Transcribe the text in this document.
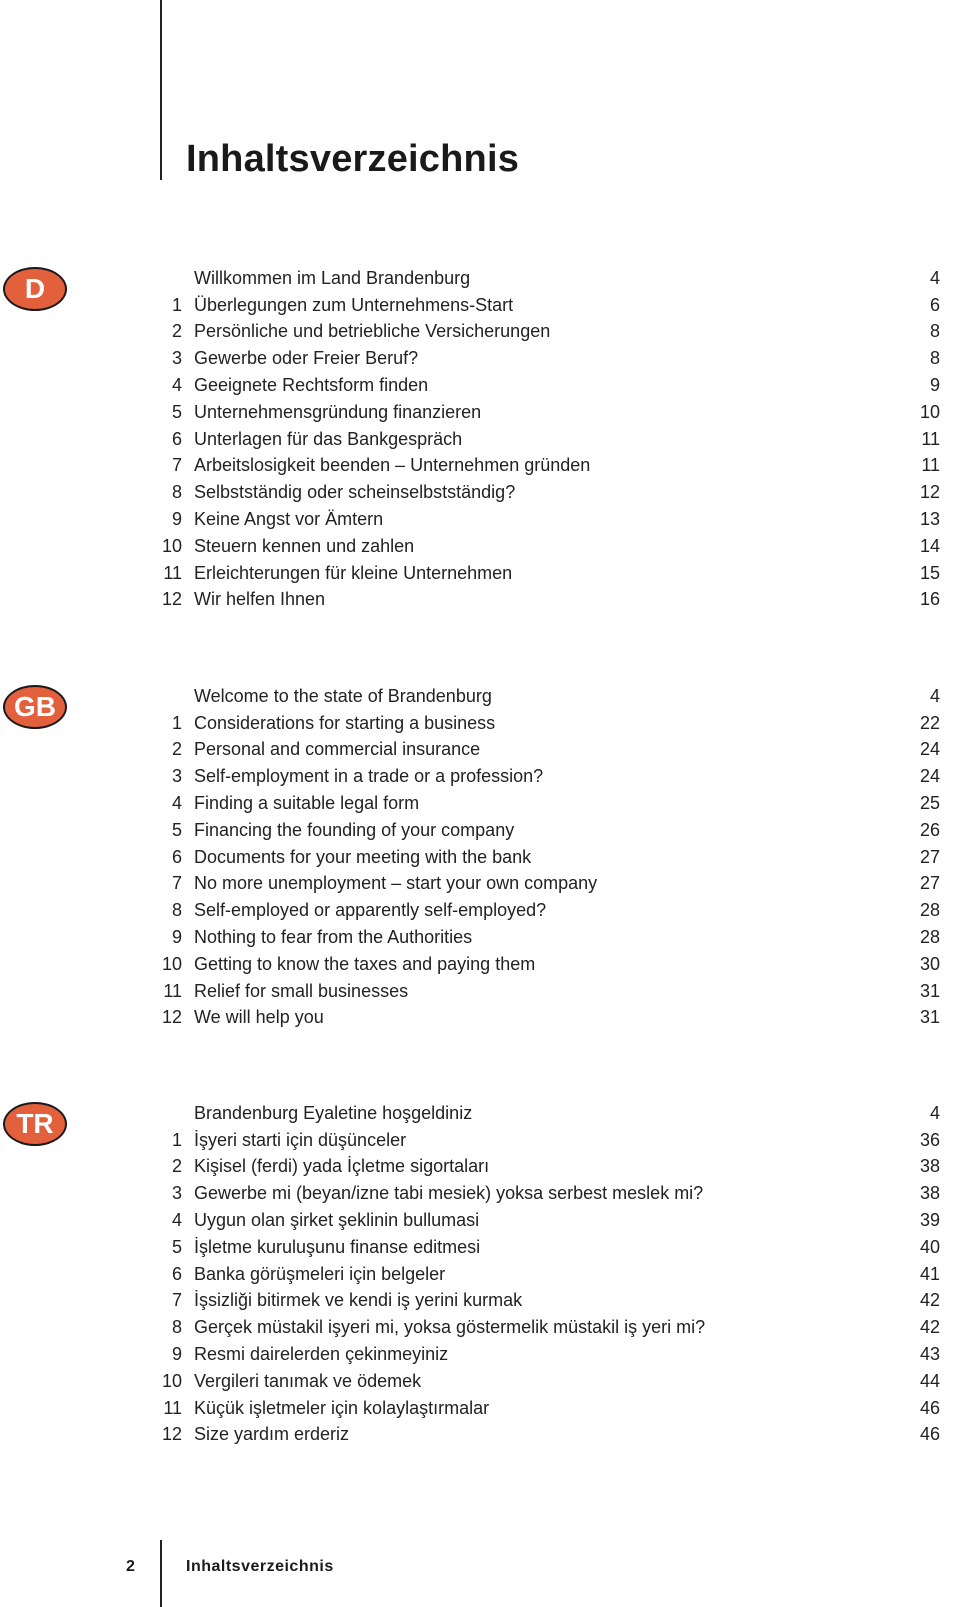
Inhaltsverzeichnis
D	Willkommen im Land Brandenburg	4
1 Überlegungen zum Unternehmens-Start	6
2 Persönliche und betriebliche Versicherungen	8
3 Gewerbe oder Freier Beruf?	8
4 Geeignete Rechtsform finden	9
5 Unternehmensgründung finanzieren	10
6 Unterlagen für das Bankgespräch	11
7 Arbeitslosigkeit beenden – Unternehmen gründen	11
8 Selbstständig oder scheinselbstständig?	12
9 Keine Angst vor Ämtern	13
10 Steuern kennen und zahlen	14
11 Erleichterungen für kleine Unternehmen	15
12 Wir helfen Ihnen	16
GB	Welcome to the state of Brandenburg	4
1 Considerations for starting a business	22
2 Personal and commercial insurance	24
3 Self-employment in a trade or a profession?	24
4 Finding a suitable legal form	25
5 Financing the founding of your company	26
6 Documents for your meeting with the bank	27
7 No more unemployment – start your own company	27
8 Self-employed or apparently self-employed?	28
9 Nothing to fear from the Authorities	28
10 Getting to know the taxes and paying them	30
11 Relief for small businesses	31
12 We will help you	31
TR	Brandenburg Eyaletine hoşgeldiniz	4
1 İşyeri starti için düşünceler	36
2 Kişisel (ferdi) yada İçletme sigortaları	38
3 Gewerbe mi (beyan/izne tabi mesiek) yoksa serbest meslek mi?	38
4 Uygun olan şirket şeklinin bullumasi	39
5 İşletme kuruluşunu finanse editmesi	40
6 Banka görüşmeleri için belgeler	41
7 İşsizliği bitirmek ve kendi iş yerini kurmak	42
8 Gerçek müstakil işyeri mi, yoksa göstermelik müstakil iş yeri mi?	42
9 Resmi dairelerden çekinmeyiniz	43
10 Vergileri tanımak ve ödemek	44
11 Küçük işletmeler için kolaylaştırmalar	46
12 Size yardım erderiz	46
2	Inhaltsverzeichnis
